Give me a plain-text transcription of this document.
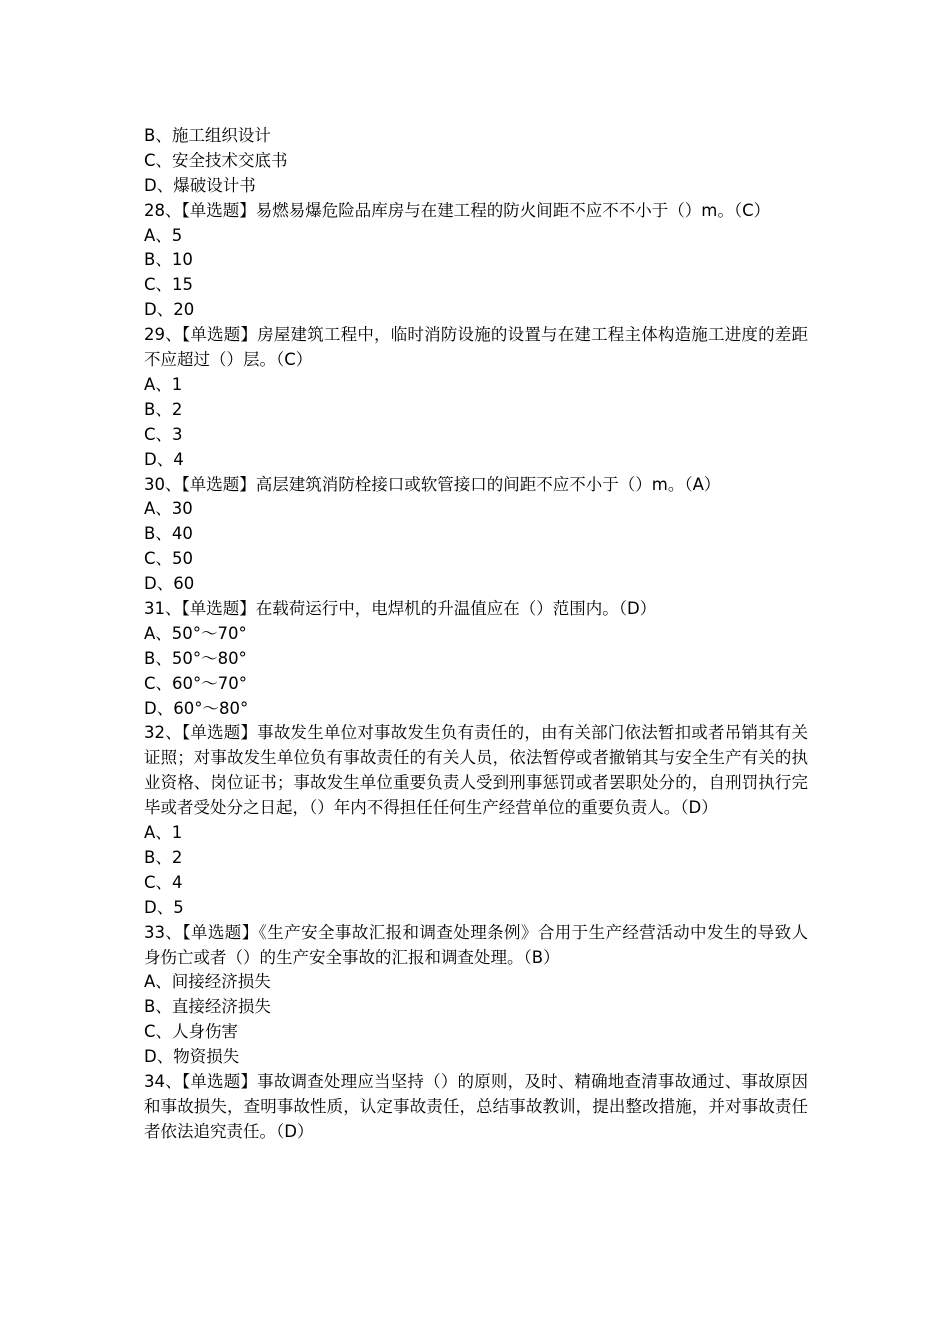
B、施工组织设计
C、安全技术交底书
D、爆破设计书
28、【单选题】易燃易爆危险品库房与在建工程的防火间距不应不不小于（）m。（C）
A、5
B、10
C、15
D、20
29、【单选题】房屋建筑工程中，临时消防设施的设置与在建工程主体构造施工进度的差距不应超过（）层。（C）
A、1
B、2
C、3
D、4
30、【单选题】高层建筑消防栓接口或软管接口的间距不应不小于（）m。（A）
A、30
B、40
C、50
D、60
31、【单选题】在载荷运行中，电焊机的升温值应在（）范围内。（D）
A、50°～70°
B、50°～80°
C、60°～70°
D、60°～80°
32、【单选题】事故发生单位对事故发生负有责任的，由有关部门依法暂扣或者吊销其有关证照；对事故发生单位负有事故责任的有关人员，依法暂停或者撤销其与安全生产有关的执业资格、岗位证书；事故发生单位重要负责人受到刑事惩罚或者罢职处分的，自刑罚执行完毕或者受处分之日起，（）年内不得担任任何生产经营单位的重要负责人。（D）
A、1
B、2
C、4
D、5
33、【单选题】《生产安全事故汇报和调查处理条例》合用于生产经营活动中发生的导致人身伤亡或者（）的生产安全事故的汇报和调查处理。（B）
A、间接经济损失
B、直接经济损失
C、人身伤害
D、物资损失
34、【单选题】事故调查处理应当坚持（）的原则，及时、精确地查清事故通过、事故原因和事故损失，查明事故性质，认定事故责任，总结事故教训，提出整改措施，并对事故责任者依法追究责任。（D）
